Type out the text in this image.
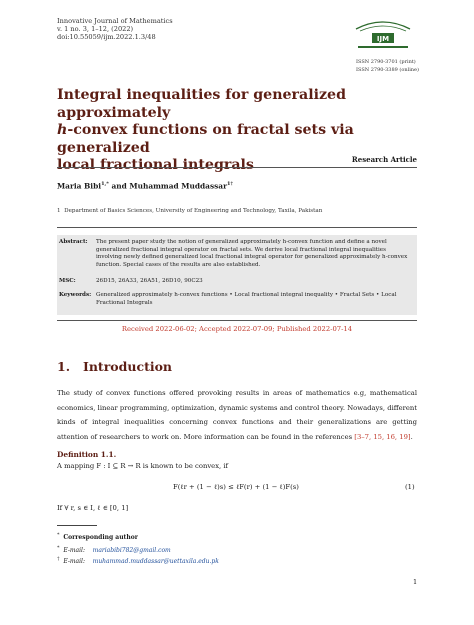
Innovative Journal of Mathematics
v. 1 no. 3, 1–12, (2022)
doi:10.55059/ijm.2022.1.3/48	IJM
ISSN 2790-3701 (print)
ISSN 2790-3389 (online)
Integral inequalities for generalized approximately
h-convex functions on fractal sets via generalized
local fractional integrals	Research Article
Maria Bibi$^{1,*}$ and Muhammad Muddassar$^{1\dagger}$
1 Department of Basics Sciences, University of Engineering and Technology, Taxila, Pakistan
Abstract:	The present paper study the notion of generalized approximately h-convex function and define a novel generalized fractional integral operator on fractal sets. We derive local fractional integral inequalities involving newly defined generalized local fractional integral operator for generalized approximately h-convex function. Special cases of the results are also established.
MSC:	26D15, 26A33, 26A51, 26D10, 90C23
Keywords: Generalized approximately h-convex functions • Local fractional integral inequality • Fractal Sets • Local Fractional Integrals
Received 2022-06-02; Accepted 2022-07-09; Published 2022-07-14
1. Introduction
The study of convex functions offered provoking results in areas of mathematics e.g, mathematical economics, linear programming, optimization, dynamic systems and control theory. Nowadays, different kinds of integral inequalities concerning convex functions and their generalizations are getting attention of researchers to work on. More information can be found in the references [3–7, 15, 16, 19].
Definition 1.1.
A mapping F : I ⊆ R → R is known to be convex, if
F(ℓr + (1 − ℓ)s) ≤ ℓF(r) + (1 − ℓ)F(s)	(1)
If ∀ r, s ∈ I, ℓ ∈ [0, 1]
* Corresponding author
* E-mail: mariabibi782@gmail.com
† E-mail: muhammad.muddassar@uettaxila.edu.pk
1
